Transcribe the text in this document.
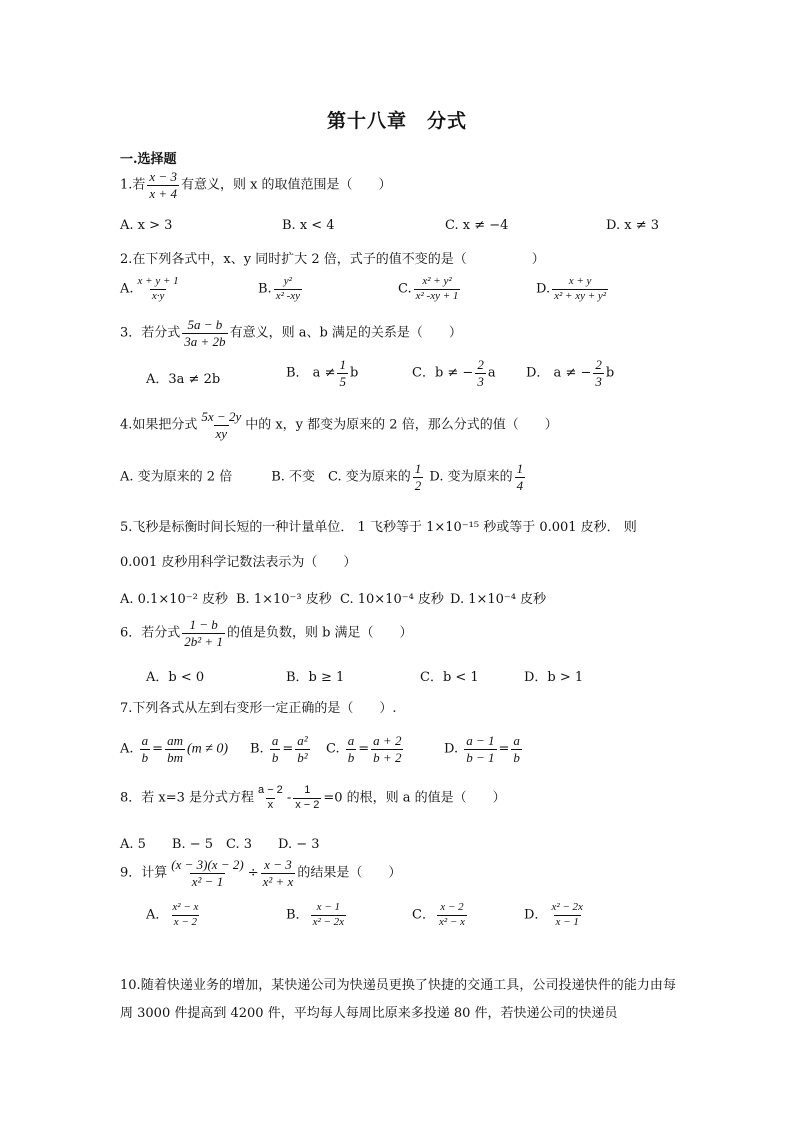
第十八章　分式
一.选择题
1.若 $\frac{x - 3}{x + 4}$ 有意义，则 x 的取值范围是（　　）
A. x > 3	B. x < 4	C. x ≠ −4	D. x ≠ 3
2.在下列各式中，x、y 同时扩大 2 倍，式子的值不变的是（　　　　　）
A. $\frac{x + y + 1}{x\cdot y}$	B. $\frac{\text{y²}}{\text{x² -xy}}$	C. $\frac{\text{x² + y²}}{\text{x² -xy + 1}}$	D. $\frac{x + y}{\text{x² + xy + y²}}$
3．若分式 $\frac{5a - b}{3a + 2b}$ 有意义，则 a、b 满足的关系是（　　）
A．3a ≠ 2b	B． $a \ne \frac{1}{5}$ b	C．b ≠ − $\frac{2}{3}$ a D． a ≠ − $\frac{2}{3}$ b
4.如果把分式 $\frac{5x - 2y}{xy}$ 中的 x，y 都变为原来的 2 倍，那么分式的值（　　）
A. 变为原来的 2 倍　　　B. 不变　C. 变为原来的 $\frac{1}{2} D$. 变为原来的 $\frac{1}{4}$
5.飞秒是标衡时间长短的一种计量单位． 1 飞秒等于 1×10⁻¹⁵ 秒或等于 0.001 皮秒． 则
0.001 皮秒用科学记数法表示为（　　）
A. 0.1×10⁻² 皮秒 B. 1×10⁻³ 皮秒 C. 10×10⁻⁴ 皮秒 D. 1×10⁻⁴ 皮秒
6．若分式 $\frac{1 - b}{\text{2b² + 1}}$ 的值是负数，则 b 满足（　　）
A．b < 0	B．b ≥ 1	C．b < 1	D．b > 1
7.下列各式从左到右变形一定正确的是（　　）.
A. $\frac{a}{b} = \frac{am}{bm} (m \ne 0)$ B. $\frac{a}{b} = \frac{\text{a²}}{\text{b²}} C$. $\frac{a}{b} = \frac{a + 2}{b + 2}$	D. $\frac{a - 1}{b - 1} = \frac{a}{b}$
8．若 x=3 是分式方程 $\frac{a - 2}{x} - \frac{1}{x - 2} =0$ 的根，则 a 的值是（　　）
A. 5　　B. − 5　C. 3　　D. − 3
9．计算 $\frac{(x - 3)(x - 2)}{\text{x² − 1}} \div \frac{x - 3}{\text{x² + x}}$ 的结果是（　　）
A． $\frac{\text{x² − x}}{x - 2}$	B． $\frac{x - 1}{\text{x² − 2x}}$	C． $\frac{x - 2}{\text{x² − x}}$	D． $\frac{\text{x² − 2x}}{x - 1}$
10.随着快递业务的增加，某快递公司为快递员更换了快捷的交通工具，公司投递快件的能力由每周 3000 件提高到 4200 件，平均每人每周比原来多投递 80 件，若快递公司的快递员
